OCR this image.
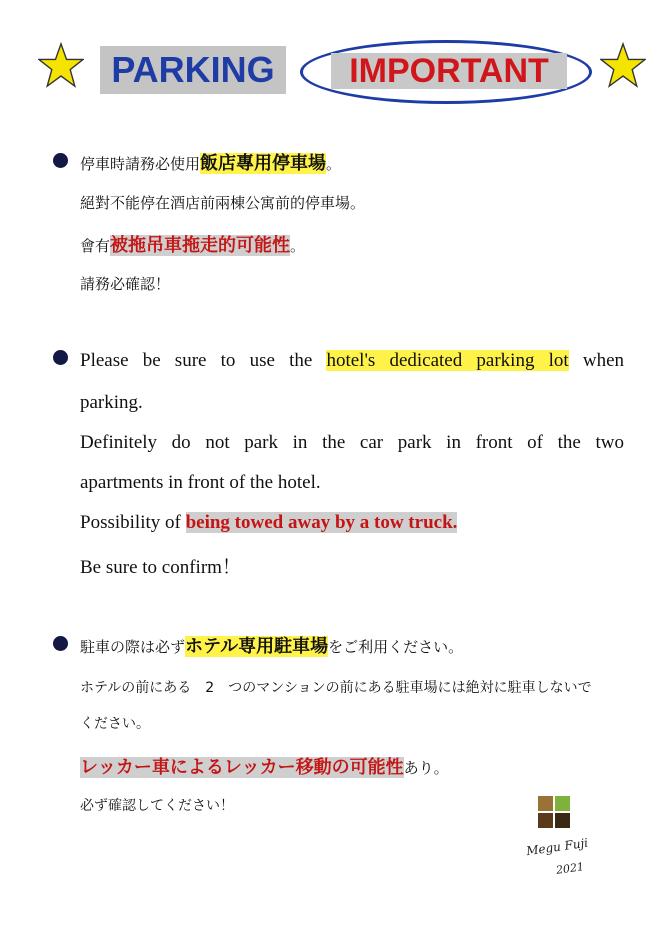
PARKING	IMPORTANT
停車時請務必使用飯店專用停車場。
絕對不能停在酒店前兩棟公寓前的停車場。
會有被拖吊車拖走的可能性。
請務必確認！
Please be sure to use the hotel's dedicated parking lot when
parking.
Definitely do not park in the car park in front of the two
apartments in front of the hotel.
Possibility of being towed away by a tow truck.
Be sure to confirm！
駐車の際は必ずホテル専用駐車場をご利用ください。
ホテルの前にある　2　つのマンションの前にある駐車場には絶対に駐車しないで
ください。
レッカー車によるレッカー移動の可能性あり。
必ず確認してください！
Megu Fuji
2021
